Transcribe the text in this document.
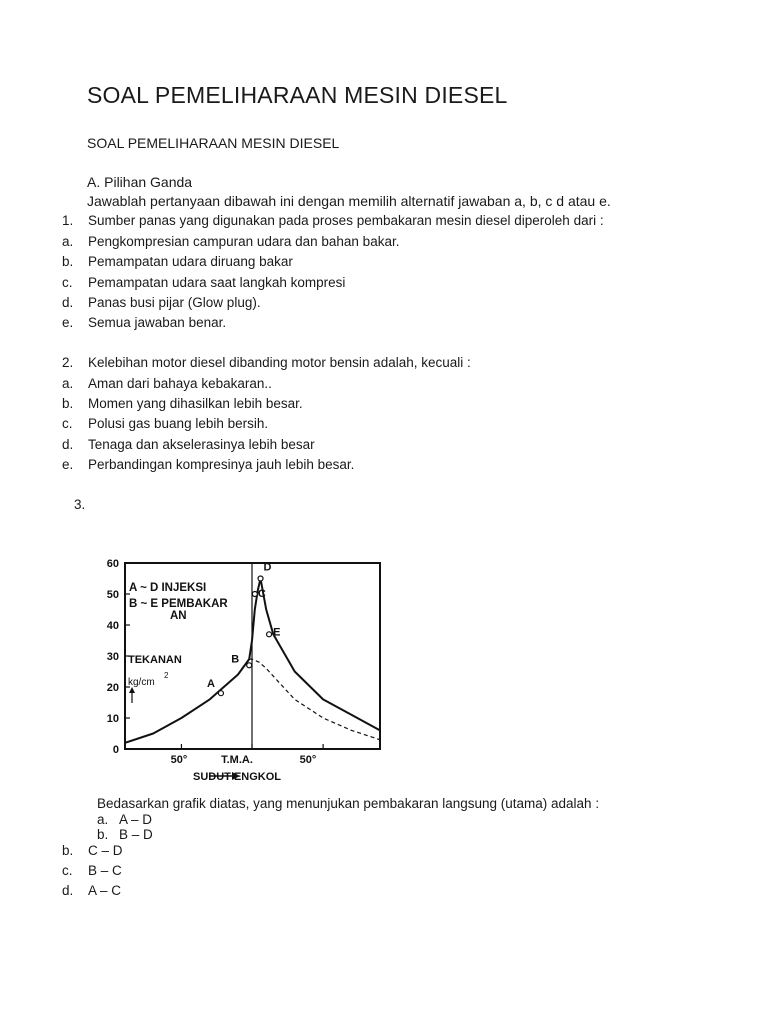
SOAL PEMELIHARAAN MESIN DIESEL
SOAL PEMELIHARAAN MESIN DIESEL
A. Pilihan Ganda
Jawablah pertanyaan dibawah ini dengan memilih alternatif jawaban a, b, c d atau e.
1. Sumber panas yang digunakan pada proses pembakaran mesin diesel diperoleh dari :
a. Pengkompresian campuran udara dan bahan bakar.
b. Pemampatan udara diruang bakar
c. Pemampatan udara saat langkah kompresi
d. Panas busi pijar (Glow plug).
e. Semua jawaban benar.
2. Kelebihan motor diesel dibanding motor bensin adalah, kecuali :
a. Aman dari bahaya kebakaran..
b. Momen yang dihasilkan lebih besar.
c. Polusi gas buang lebih bersih.
d. Tenaga dan akselerasinya lebih besar
e. Perbandingan kompresinya jauh lebih besar.
3.
0
10
20
30
40
50
60
A
B
C
D
E
A ~ D INJEKSI
B ~ E PEMBAKAR
AN
TEKANAN
kg/cm
2
50°	T.M.A.	50°
SUDUT ENGKOL
Bedasarkan grafik diatas, yang menunjukan pembakaran langsung (utama) adalah :
a. A – D
b. B – D
b. C – D
c. B – C
d. A – C
